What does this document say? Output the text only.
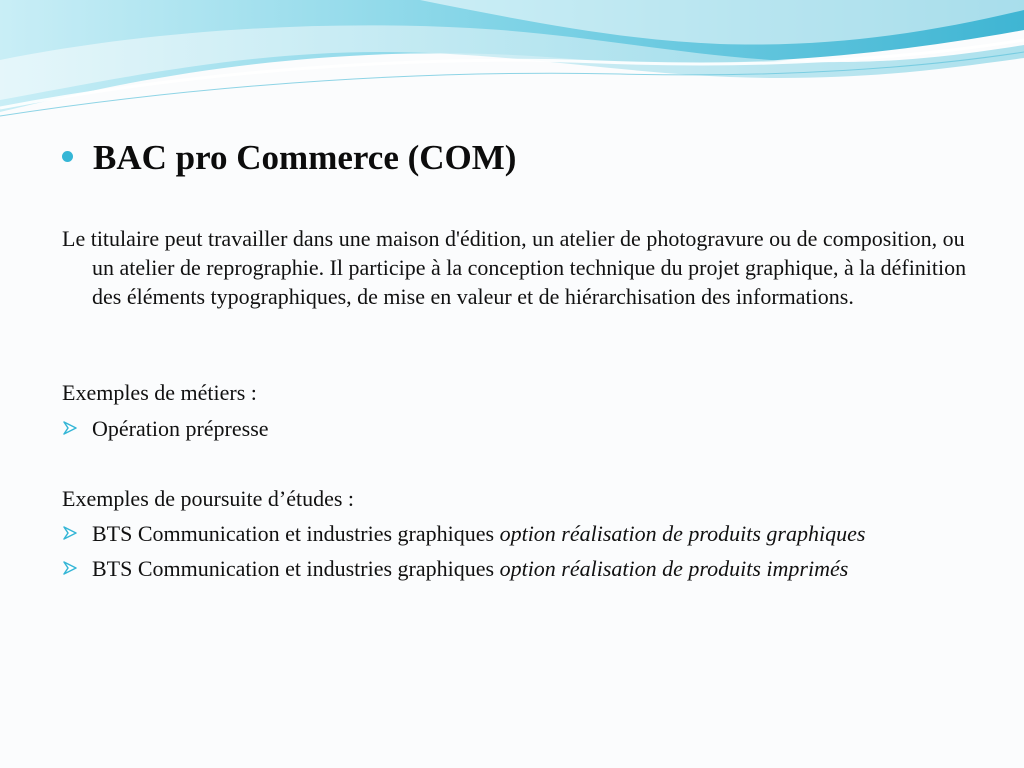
BAC pro Commerce (COM)

Le titulaire peut travailler dans une maison d'édition, un atelier de photogravure ou de composition, ou un atelier de reprographie. Il participe à la conception technique du projet graphique, à la définition des éléments typographiques, de mise en valeur et de hiérarchisation des informations.

Exemples de métiers :
Opération prépresse
Exemples de poursuite d’études :
BTS Communication et industries graphiques option réalisation de produits graphiques
BTS Communication et industries graphiques option réalisation de produits imprimés
